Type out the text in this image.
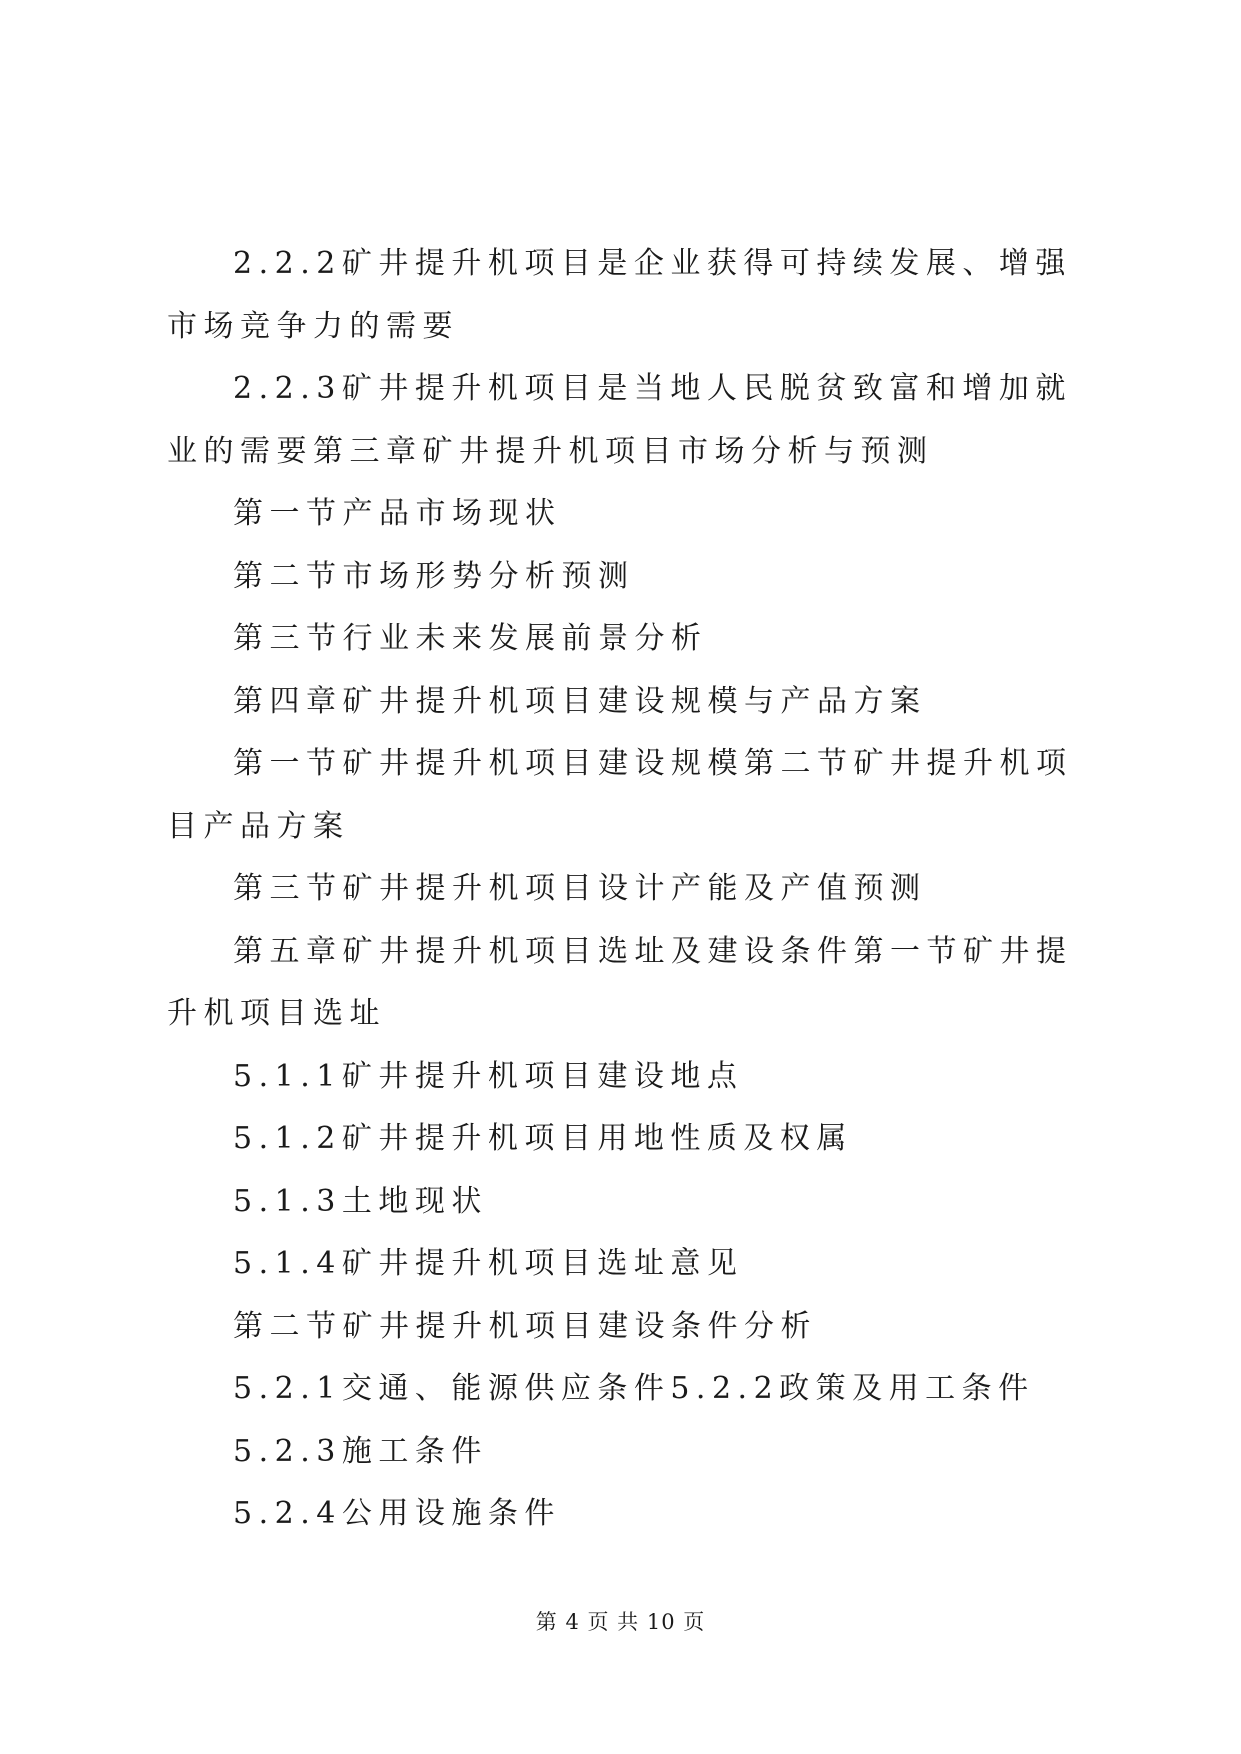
2.2.2矿井提升机项目是企业获得可持续发展、增强市场竞争力的需要

2.2.3矿井提升机项目是当地人民脱贫致富和增加就业的需要第三章矿井提升机项目市场分析与预测

第一节产品市场现状

第二节市场形势分析预测

第三节行业未来发展前景分析

第四章矿井提升机项目建设规模与产品方案

第一节矿井提升机项目建设规模第二节矿井提升机项目产品方案

第三节矿井提升机项目设计产能及产值预测

第五章矿井提升机项目选址及建设条件第一节矿井提升机项目选址

5.1.1矿井提升机项目建设地点

5.1.2矿井提升机项目用地性质及权属

5.1.3土地现状

5.1.4矿井提升机项目选址意见

第二节矿井提升机项目建设条件分析

5.2.1交通、能源供应条件5.2.2政策及用工条件

5.2.3施工条件

5.2.4公用设施条件

第 4 页 共 10 页
